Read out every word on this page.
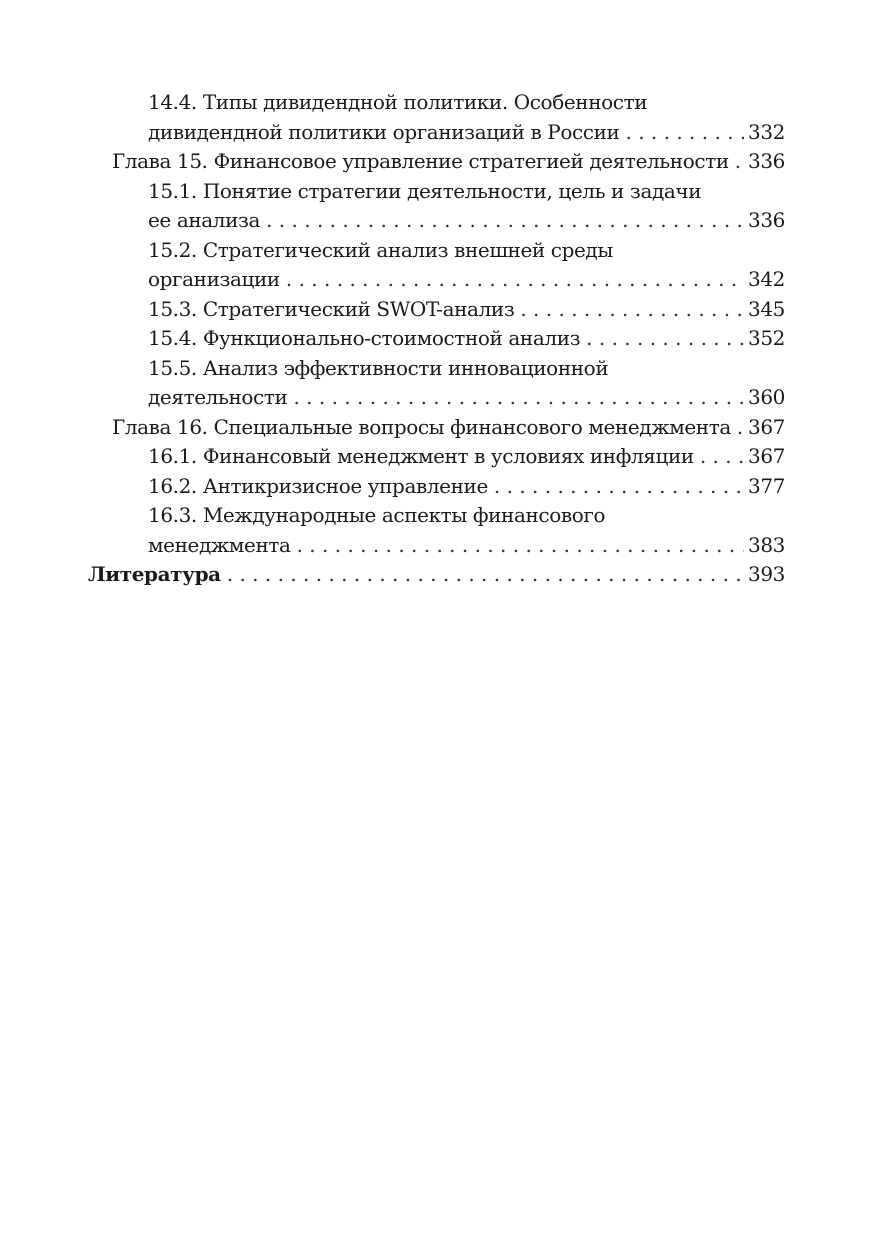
14.4. Типы дивидендной политики. Особенности
дивидендной политики организаций в России . . .	332
Глава 15. Финансовое управление стратегией деятельности . . . 336
15.1. Понятие стратегии деятельности, цель и задачи
ее анализа . . .	336
15.2. Стратегический анализ внешней среды
организации . . .	342
15.3. Стратегический SWOT-анализ . . .	345
15.4. Функционально-стоимостной анализ . . .	352
15.5. Анализ эффективности инновационной
деятельности . . .	360
Глава 16. Специальные вопросы финансового менеджмента . . . 367
16.1. Финансовый менеджмент в условиях инфляции . . .	367
16.2. Антикризисное управление . . .	377
16.3. Международные аспекты финансового
менеджмента . . .	383
Литература . . .	393
